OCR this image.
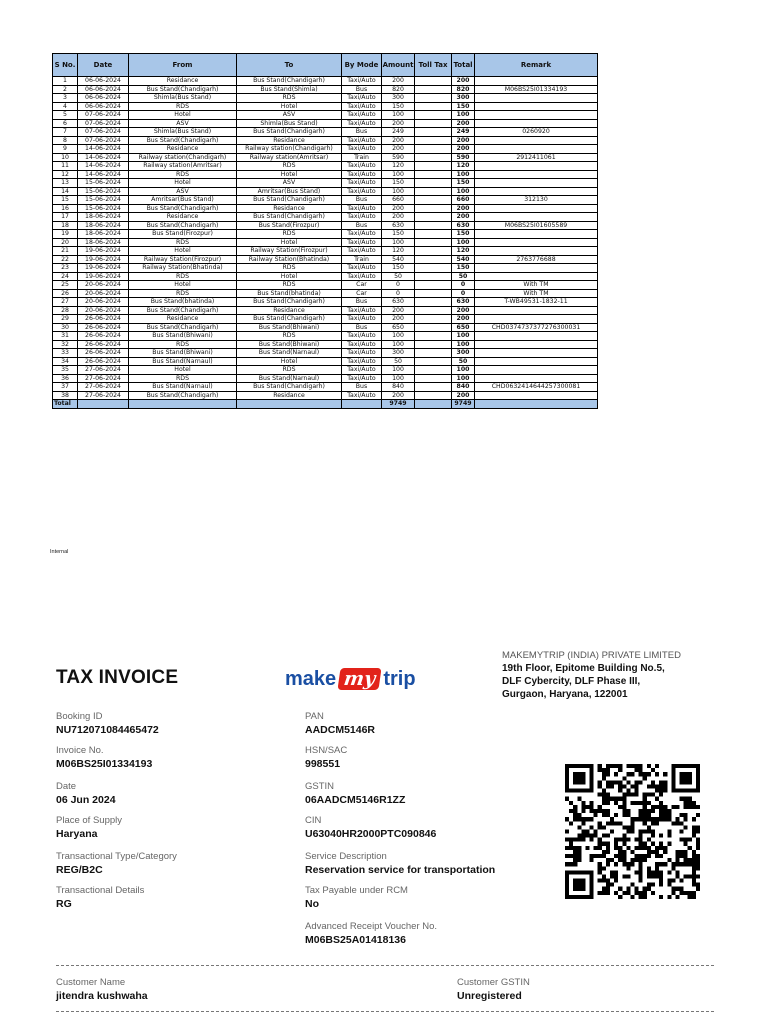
S No.	Date	From	To	By Mode	Amount	Toll Tax	Total	Remark
1	06-06-2024	Residance	Bus Stand(Chandigarh)	Taxi/Auto	200		200	
2	06-06-2024	Bus Stand(Chandigarh)	Bus Stand(Shimla)	Bus	820		820	M06BS25I01334193
3	06-06-2024	Shimla(Bus Stand)	RDS	Taxi/Auto	300		300	
4	06-06-2024	RDS	Hotel	Taxi/Auto	150		150	
5	07-06-2024	Hotel	ASV	Taxi/Auto	100		100	
6	07-06-2024	ASV	Shimla(Bus Stand)	Taxi/Auto	200		200	
7	07-06-2024	Shimla(Bus Stand)	Bus Stand(Chandigarh)	Bus	249		249	0260920
8	07-06-2024	Bus Stand(Chandigarh)	Residance	Taxi/Auto	200		200	
9	14-06-2024	Residance	Railway station(Chandigarh)	Taxi/Auto	200		200	
10	14-06-2024	Railway station(Chandigarh)	Railway station(Amritsar)	Train	590		590	2912411061
11	14-06-2024	Railway station(Amritsar)	RDS	Taxi/Auto	120		120	
12	14-06-2024	RDS	Hotel	Taxi/Auto	100		100	
13	15-06-2024	Hotel	ASV	Taxi/Auto	150		150	
14	15-06-2024	ASV	Amritsar(Bus Stand)	Taxi/Auto	100		100	
15	15-06-2024	Amritsar(Bus Stand)	Bus Stand(Chandigarh)	Bus	660		660	312130
16	15-06-2024	Bus Stand(Chandigarh)	Residance	Taxi/Auto	200		200	
17	18-06-2024	Residance	Bus Stand(Chandigarh)	Taxi/Auto	200		200	
18	18-06-2024	Bus Stand(Chandigarh)	Bus Stand(Firozpur)	Bus	630		630	M06BS25I01605589
19	18-06-2024	Bus Stand(Firozpur)	RDS	Taxi/Auto	150		150	
20	18-06-2024	RDS	Hotel	Taxi/Auto	100		100	
21	19-06-2024	Hotel	Railway Station(Firozpur)	Taxi/Auto	120		120	
22	19-06-2024	Railway Station(Firozpur)	Railway Station(Bhatinda)	Train	540		540	2763776688
23	19-06-2024	Railway Station(Bhatinda)	RDS	Taxi/Auto	150		150	
24	19-06-2024	RDS	Hotel	Taxi/Auto	50		50	
25	20-06-2024	Hotel	RDS	Car	0		0	With TM
26	20-06-2024	RDS	Bus Stand(bhatinda)	Car	0		0	With TM
27	20-06-2024	Bus Stand(bhatinda)	Bus Stand(Chandigarh)	Bus	630		630	T-WB49531-1832-11
28	20-06-2024	Bus Stand(Chandigarh)	Residance	Taxi/Auto	200		200	
29	26-06-2024	Residance	Bus Stand(Chandigarh)	Taxi/Auto	200		200	
30	26-06-2024	Bus Stand(Chandigarh)	Bus Stand(Bhiwani)	Bus	650		650	CHD0374737377276300031
31	26-06-2024	Bus Stand(Bhiwani)	RDS	Taxi/Auto	100		100	
32	26-06-2024	RDS	Bus Stand(Bhiwani)	Taxi/Auto	100		100	
33	26-06-2024	Bus Stand(Bhiwani)	Bus Stand(Narnaul)	Taxi/Auto	300		300	
34	26-06-2024	Bus Stand(Narnaul)	Hotel	Taxi/Auto	50		50	
35	27-06-2024	Hotel	RDS	Taxi/Auto	100		100	
36	27-06-2024	RDS	Bus Stand(Narnaul)	Taxi/Auto	100		100	
37	27-06-2024	Bus Stand(Narnaul)	Bus Stand(Chandigarh)	Bus	840		840	CHD0632414644257300081
38	27-06-2024	Bus Stand(Chandigarh)	Residance	Taxi/Auto	200		200	
Total					9749		9749	
Internal
TAX INVOICE	make my trip
MAKEMYTRIP (INDIA) PRIVATE LIMITED
19th Floor, Epitome Building No.5,
DLF Cybercity, DLF Phase III,
Gurgaon, Haryana, 122001
Booking ID
NU712071084465472
Invoice No.
M06BS25I01334193
Date
06 Jun 2024
Place of Supply
Haryana
Transactional Type/Category
REG/B2C
Transactional Details
RG
PAN
AADCM5146R
HSN/SAC
998551
GSTIN
06AADCM5146R1ZZ
CIN
U63040HR2000PTC090846
Service Description
Reservation service for transportation
Tax Payable under RCM
No
Advanced Receipt Voucher No.
M06BS25A01418136
Customer Name
jitendra kushwaha
Customer GSTIN
Unregistered
